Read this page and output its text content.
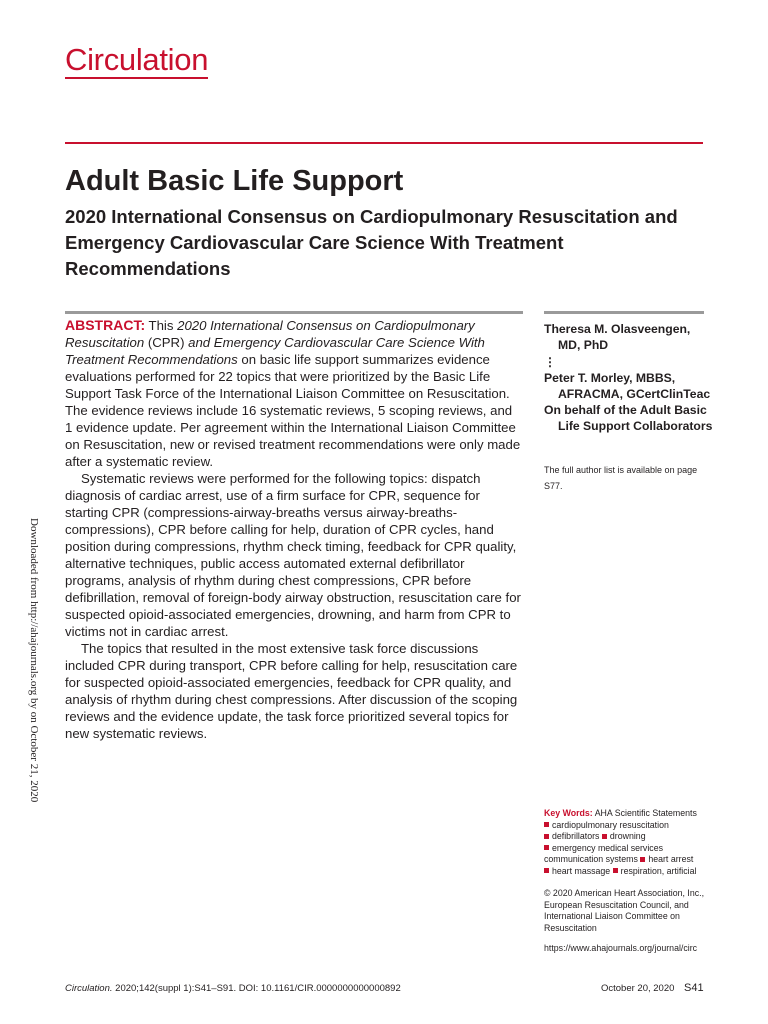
Circulation
Adult Basic Life Support
2020 International Consensus on Cardiopulmonary Resuscitation and Emergency Cardiovascular Care Science With Treatment Recommendations

ABSTRACT: This 2020 International Consensus on Cardiopulmonary Resuscitation (CPR) and Emergency Cardiovascular Care Science With Treatment Recommendations on basic life support summarizes evidence evaluations performed for 22 topics that were prioritized by the Basic Life Support Task Force of the International Liaison Committee on Resuscitation. The evidence reviews include 16 systematic reviews, 5 scoping reviews, and 1 evidence update. Per agreement within the International Liaison Committee on Resuscitation, new or revised treatment recommendations were only made after a systematic review.

Systematic reviews were performed for the following topics: dispatch diagnosis of cardiac arrest, use of a firm surface for CPR, sequence for starting CPR (compressions-airway-breaths versus airway-breaths-compressions), CPR before calling for help, duration of CPR cycles, hand position during compressions, rhythm check timing, feedback for CPR quality, alternative techniques, public access automated external defibrillator programs, analysis of rhythm during chest compressions, CPR before defibrillation, removal of foreign-body airway obstruction, resuscitation care for suspected opioid-associated emergencies, drowning, and harm from CPR to victims not in cardiac arrest.

The topics that resulted in the most extensive task force discussions included CPR during transport, CPR before calling for help, resuscitation care for suspected opioid-associated emergencies, feedback for CPR quality, and analysis of rhythm during chest compressions. After discussion of the scoping reviews and the evidence update, the task force prioritized several topics for new systematic reviews.

Theresa M. Olasveengen, MD, PhD
⋮
Peter T. Morley, MBBS, AFRACMA, GCertClinTeac
On behalf of the Adult Basic Life Support Collaborators
The full author list is available on page S77.
Downloaded from http://ahajournals.org by on October 21, 2020
Key Words: AHA Scientific Statements
cardiopulmonary resuscitation
defibrillators drowning
emergency medical services communication systems heart arrest
heart massage respiration, artificial
© 2020 American Heart Association, Inc., European Resuscitation Council, and International Liaison Committee on Resuscitation
https://www.ahajournals.org/journal/circ
Circulation. 2020;142(suppl 1):S41–S91. DOI: 10.1161/CIR.0000000000000892	October 20, 2020 S41
